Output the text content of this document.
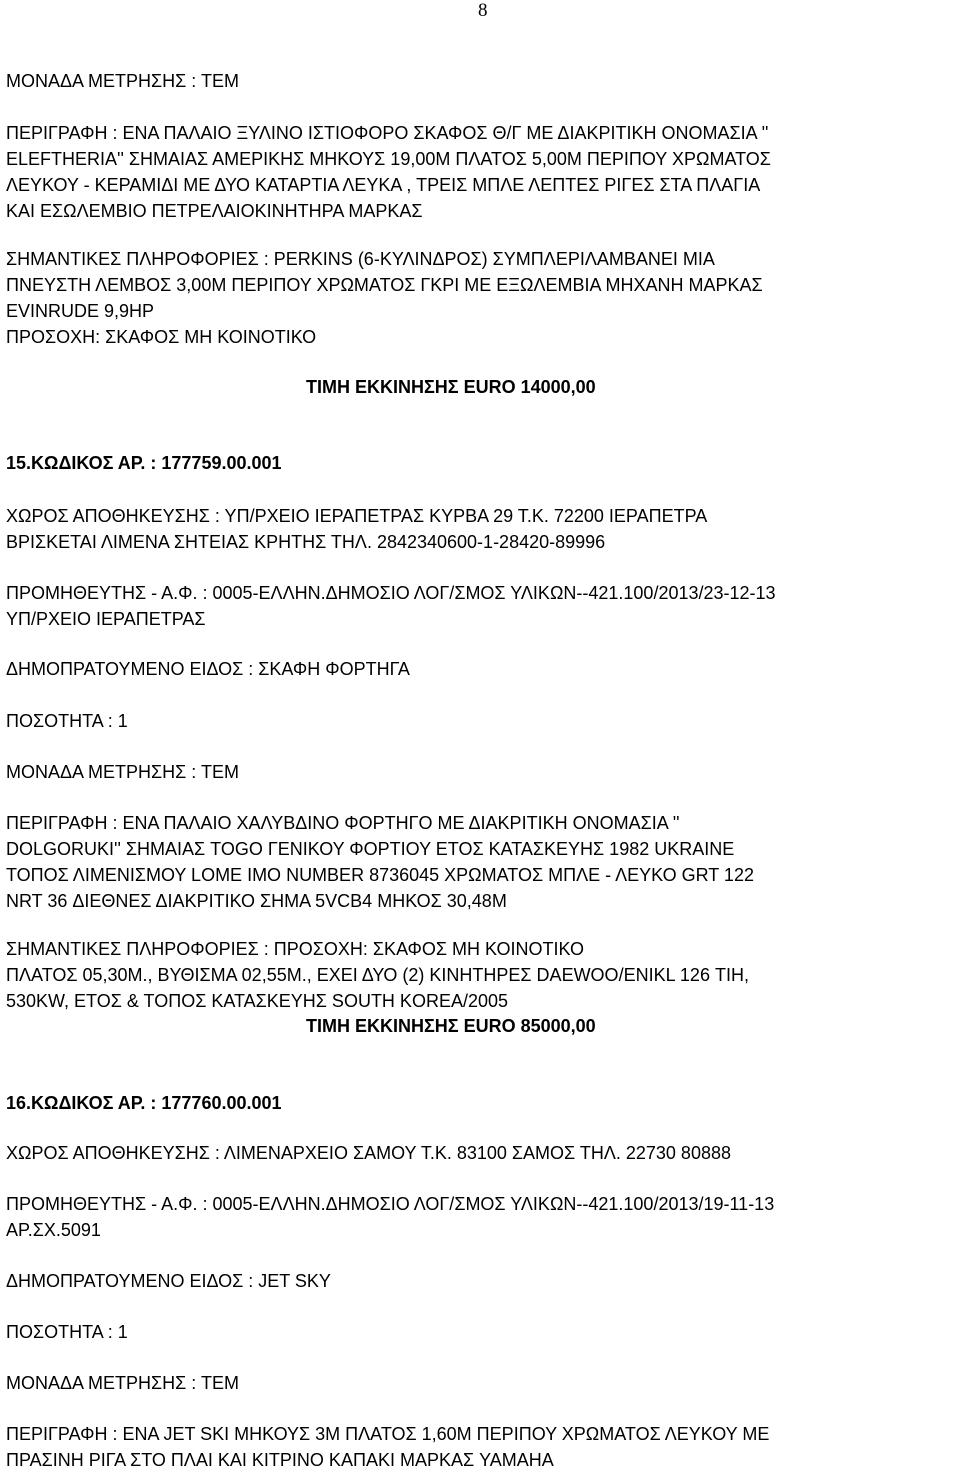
8
ΜΟΝΑΔΑ ΜΕΤΡΗΣΗΣ : ΤΕΜ
ΠΕΡΙΓΡΑΦΗ : ΕΝΑ ΠΑΛΑΙΟ ΞΥΛΙΝΟ ΙΣΤΙΟΦΟΡΟ ΣΚΑΦΟΣ Θ/Γ ΜΕ ΔΙΑΚΡΙΤΙΚΗ ΟΝΟΜΑΣΙΑ ''
ELEFTHERIA'' ΣΗΜΑΙΑΣ ΑΜΕΡΙΚΗΣ ΜΗΚΟΥΣ 19,00Μ ΠΛΑΤΟΣ 5,00Μ ΠΕΡΙΠΟΥ ΧΡΩΜΑΤΟΣ
ΛΕΥΚΟΥ - ΚΕΡΑΜΙΔΙ ΜΕ ΔΥΟ ΚΑΤΑΡΤΙΑ ΛΕΥΚΑ , ΤΡΕΙΣ ΜΠΛΕ ΛΕΠΤΕΣ ΡΙΓΕΣ ΣΤΑ ΠΛΑΓΙΑ
ΚΑΙ ΕΣΩΛΕΜΒΙΟ ΠΕΤΡΕΛΑΙΟΚΙΝΗΤΗΡΑ ΜΑΡΚΑΣ
ΣΗΜΑΝΤΙΚΕΣ ΠΛΗΡΟΦΟΡΙΕΣ : PERKINS (6-ΚΥΛΙΝΔΡΟΣ) ΣΥΜΠΛΕΡΙΛΑΜΒΑΝΕΙ ΜΙΑ
ΠΝΕΥΣΤΗ ΛΕΜΒΟΣ 3,00Μ ΠΕΡΙΠΟΥ ΧΡΩΜΑΤΟΣ ΓΚΡΙ ΜΕ ΕΞΩΛΕΜΒΙΑ ΜΗΧΑΝΗ ΜΑΡΚΑΣ
EVINRUDE 9,9HP
ΠΡΟΣΟΧΗ: ΣΚΑΦΟΣ ΜΗ ΚΟΙΝΟΤΙΚΟ
ΤΙΜΗ ΕΚΚΙΝΗΣΗΣ EURO 14000,00
15.ΚΩΔΙΚΟΣ ΑΡ. : 177759.00.001
ΧΩΡΟΣ ΑΠΟΘΗΚΕΥΣΗΣ : ΥΠ/ΡΧΕΙΟ ΙΕΡΑΠΕΤΡΑΣ ΚΥΡΒΑ 29 Τ.Κ. 72200 ΙΕΡΑΠΕΤΡΑ
ΒΡΙΣΚΕΤΑΙ ΛΙΜΕΝΑ ΣΗΤΕΙΑΣ ΚΡΗΤΗΣ ΤΗΛ. 2842340600-1-28420-89996
ΠΡΟΜΗΘΕΥΤΗΣ - Α.Φ. : 0005-ΕΛΛΗΝ.ΔΗΜΟΣΙΟ ΛΟΓ/ΣΜΟΣ ΥΛΙΚΩΝ--421.100/2013/23-12-13
ΥΠ/ΡΧΕΙΟ ΙΕΡΑΠΕΤΡΑΣ
ΔΗΜΟΠΡΑΤΟΥΜΕΝΟ ΕΙΔΟΣ : ΣΚΑΦΗ ΦΟΡΤΗΓΑ
ΠΟΣΟΤΗΤΑ : 1
ΜΟΝΑΔΑ ΜΕΤΡΗΣΗΣ : ΤΕΜ
ΠΕΡΙΓΡΑΦΗ : ΕΝΑ ΠΑΛΑΙΟ ΧΑΛΥΒΔΙΝΟ ΦΟΡΤΗΓΟ ΜΕ ΔΙΑΚΡΙΤΙΚΗ ΟΝΟΜΑΣΙΑ ''
DOLGORUKI'' ΣΗΜΑΙΑΣ TOGO ΓΕΝΙΚΟΥ ΦΟΡΤΙΟΥ ΕΤΟΣ ΚΑΤΑΣΚΕΥΗΣ 1982 UKRAINE
ΤΟΠΟΣ ΛΙΜΕΝΙΣΜΟΥ LOME IMO NUMBER 8736045 ΧΡΩΜΑΤΟΣ ΜΠΛΕ - ΛΕΥΚΟ GRT 122
NRT 36 ΔΙΕΘΝΕΣ ΔΙΑΚΡΙΤΙΚΟ ΣΗΜΑ 5VCB4 ΜΗΚΟΣ 30,48Μ
ΣΗΜΑΝΤΙΚΕΣ ΠΛΗΡΟΦΟΡΙΕΣ : ΠΡΟΣΟΧΗ: ΣΚΑΦΟΣ ΜΗ ΚΟΙΝΟΤΙΚΟ
ΠΛΑΤΟΣ 05,30Μ., ΒΥΘΙΣΜΑ 02,55Μ., ΕΧΕΙ ΔΥΟ (2) ΚΙΝΗΤΗΡΕΣ DAEWOO/ENIKL 126 ΤΙΗ,
530KW, ΕΤΟΣ & ΤΟΠΟΣ ΚΑΤΑΣΚΕΥΗΣ SOUTH KOREA/2005
ΤΙΜΗ ΕΚΚΙΝΗΣΗΣ EURO 85000,00
16.ΚΩΔΙΚΟΣ ΑΡ. : 177760.00.001
ΧΩΡΟΣ ΑΠΟΘΗΚΕΥΣΗΣ : ΛΙΜΕΝΑΡΧΕΙΟ ΣΑΜΟΥ Τ.Κ. 83100 ΣΑΜΟΣ ΤΗΛ. 22730 80888
ΠΡΟΜΗΘΕΥΤΗΣ - Α.Φ. : 0005-ΕΛΛΗΝ.ΔΗΜΟΣΙΟ ΛΟΓ/ΣΜΟΣ ΥΛΙΚΩΝ--421.100/2013/19-11-13
ΑΡ.ΣΧ.5091
ΔΗΜΟΠΡΑΤΟΥΜΕΝΟ ΕΙΔΟΣ : JET SKY
ΠΟΣΟΤΗΤΑ : 1
ΜΟΝΑΔΑ ΜΕΤΡΗΣΗΣ : ΤΕΜ
ΠΕΡΙΓΡΑΦΗ : ΕΝΑ JET SKI ΜΗΚΟΥΣ 3Μ ΠΛΑΤΟΣ 1,60Μ ΠΕΡΙΠΟΥ ΧΡΩΜΑΤΟΣ ΛΕΥΚΟΥ ΜΕ
ΠΡΑΣΙΝΗ ΡΙΓΑ ΣΤΟ ΠΛΑΙ ΚΑΙ ΚΙΤΡΙΝΟ ΚΑΠΑΚΙ ΜΑΡΚΑΣ YAMAHA
